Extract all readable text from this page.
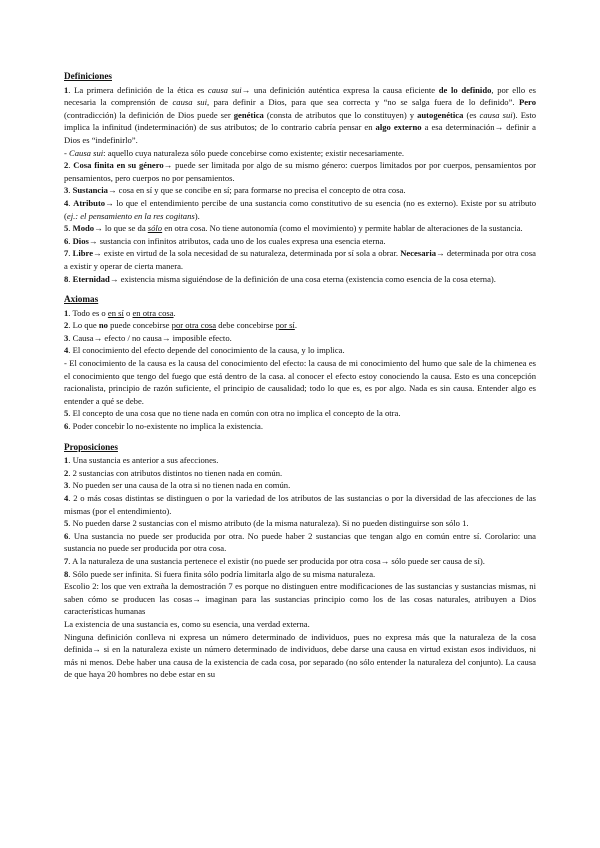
Definiciones

1. La primera definición de la ética es causa sui→ una definición auténtica expresa la causa eficiente de lo definido, por ello es necesaria la comprensión de causa sui, para definir a Dios, para que sea correcta y “no se salga fuera de lo definido”. Pero (contradicción) la definición de Dios puede ser genética (consta de atributos que lo constituyen) y autogenética (es causa sui). Esto implica la infinitud (indeterminación) de sus atributos; de lo contrario cabría pensar en algo externo a esa determinación→ definir a Dios es “indefinirlo”.

- Causa sui: aquello cuya naturaleza sólo puede concebirse como existente; existir necesariamente.

2. Cosa finita en su género→ puede ser limitada por algo de su mismo género: cuerpos limitados por por cuerpos, pensamientos por pensamientos, pero cuerpos no por pensamientos.

3. Sustancia→ cosa en sí y que se concibe en sí; para formarse no precisa el concepto de otra cosa.

4. Atributo→ lo que el entendimiento percibe de una sustancia como constitutivo de su esencia (no es externo). Existe por su atributo (ej.: el pensamiento en la res cogitans).

5. Modo→ lo que se da sólo en otra cosa. No tiene autonomía (como el movimiento) y permite hablar de alteraciones de la sustancia.

6. Dios→ sustancia con infinitos atributos, cada uno de los cuales expresa una esencia eterna.

7. Libre→ existe en virtud de la sola necesidad de su naturaleza, determinada por sí sola a obrar. Necesaria→ determinada por otra cosa a existir y operar de cierta manera.

8. Eternidad→ existencia misma siguiéndose de la definición de una cosa eterna (existencia como esencia de la cosa eterna).

Axiomas

1. Todo es o en sí o en otra cosa.

2. Lo que no puede concebirse por otra cosa debe concebirse por sí.

3. Causa→ efecto / no causa→ imposible efecto.

4. El conocimiento del efecto depende del conocimiento de la causa, y lo implica.

- El conocimiento de la causa es la causa del conocimiento del efecto: la causa de mi conocimiento del humo que sale de la chimenea es el conocimiento que tengo del fuego que está dentro de la casa. al conocer el efecto estoy conociendo la causa. Esto es una concepción racionalista, principio de razón suficiente, el principio de causalidad; todo lo que es, es por algo. Nada es sin causa. Entender algo es entender a qué se debe.

5. El concepto de una cosa que no tiene nada en común con otra no implica el concepto de la otra.

6. Poder concebir lo no-existente no implica la existencia.

Proposiciones

1. Una sustancia es anterior a sus afecciones.

2. 2 sustancias con atributos distintos no tienen nada en común.

3. No pueden ser una causa de la otra si no tienen nada en común.

4. 2 o más cosas distintas se distinguen o por la variedad de los atributos de las sustancias o por la diversidad de las afecciones de las mismas (por el entendimiento).

5. No pueden darse 2 sustancias con el mismo atributo (de la misma naturaleza). Si no pueden distinguirse son sólo 1.

6. Una sustancia no puede ser producida por otra. No puede haber 2 sustancias que tengan algo en común entre sí. Corolario: una sustancia no puede ser producida por otra cosa.

7. A la naturaleza de una sustancia pertenece el existir (no puede ser producida por otra cosa→ sólo puede ser causa de sí).

8. Sólo puede ser infinita. Si fuera finita sólo podría limitarla algo de su misma naturaleza.

Escolio 2: los que ven extraña la demostración 7 es porque no distinguen entre modificaciones de las sustancias y sustancias mismas, ni saben cómo se producen las cosas→ imaginan para las sustancias principio como los de las cosas naturales, atribuyen a Dios características humanas

La existencia de una sustancia es, como su esencia, una verdad externa.

Ninguna definición conlleva ni expresa un número determinado de individuos, pues no expresa más que la naturaleza de la cosa definida→ si en la naturaleza existe un número determinado de individuos, debe darse una causa en virtud existan esos individuos, ni más ni menos. Debe haber una causa de la existencia de cada cosa, por separado (no sólo entender la naturaleza del conjunto). La causa de que haya 20 hombres no debe estar en su
